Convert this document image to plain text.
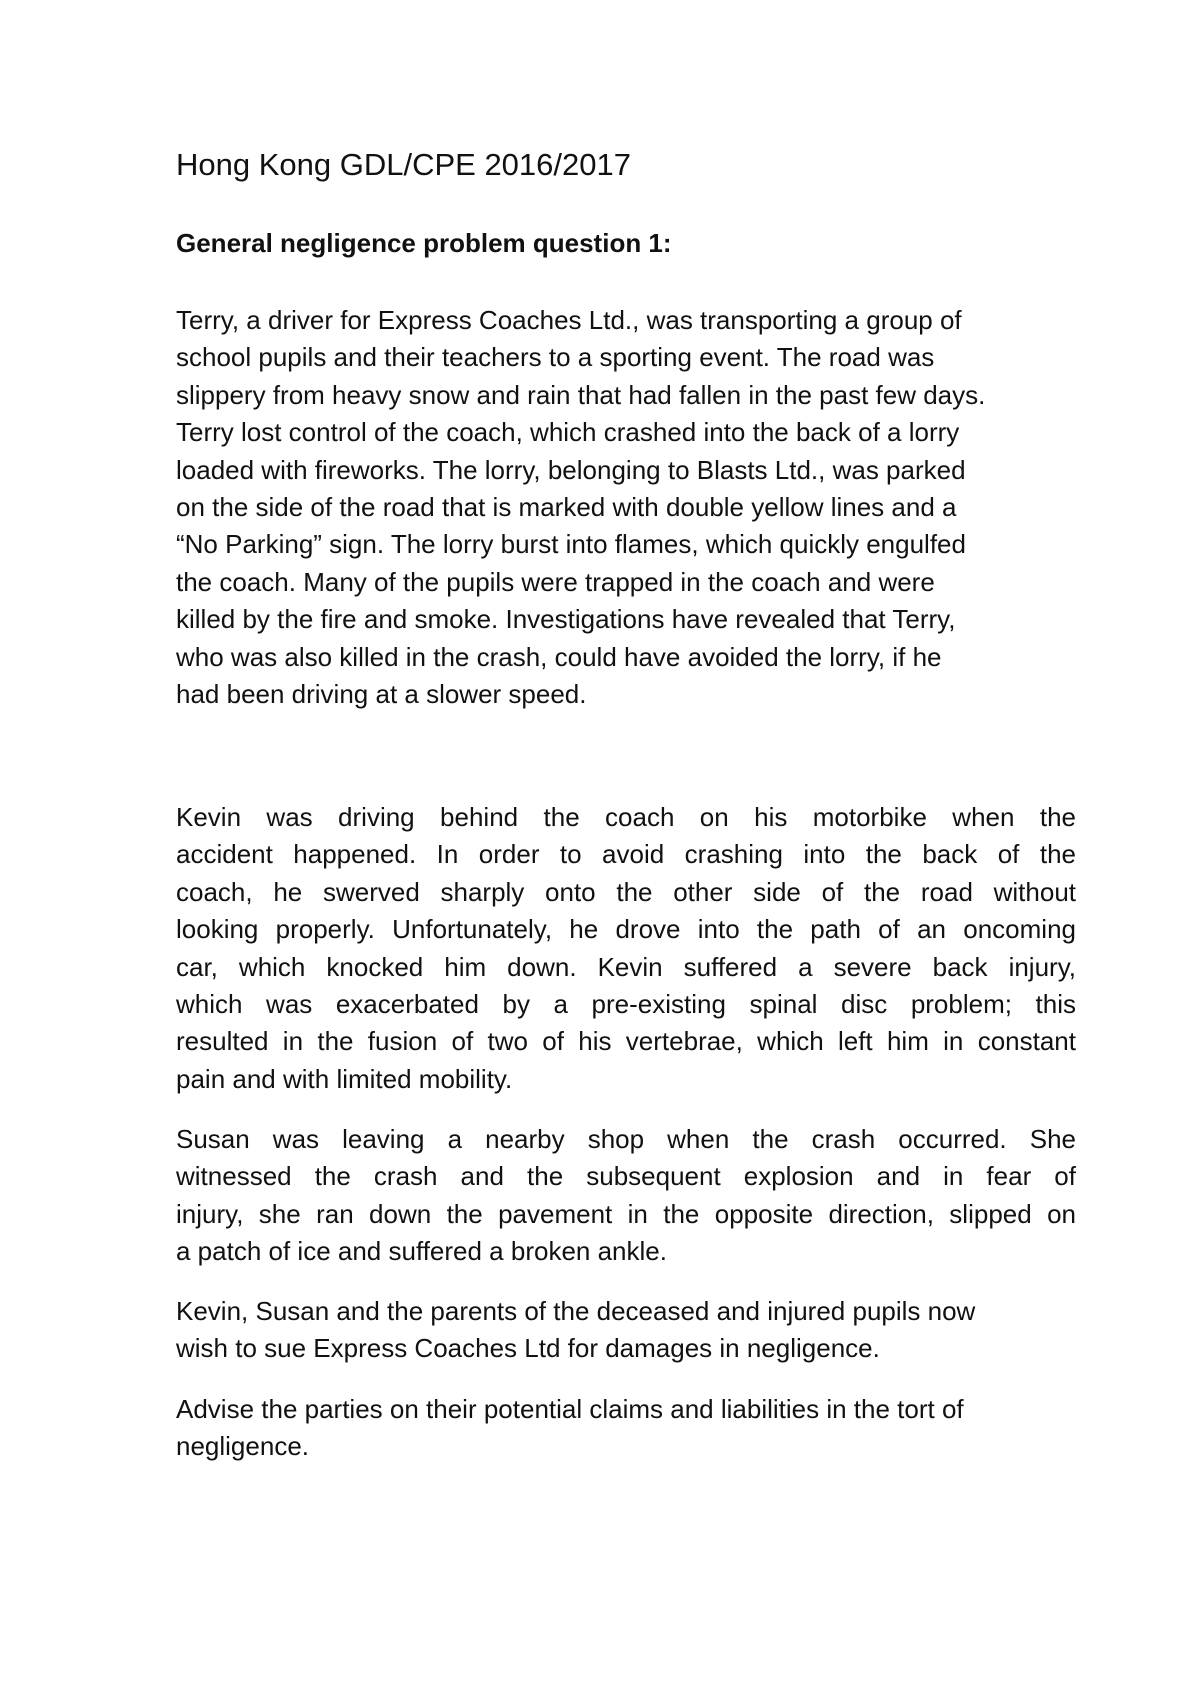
Hong Kong GDL/CPE 2016/2017
General negligence problem question 1:

Terry, a driver for Express Coaches Ltd., was transporting a group of
school pupils and their teachers to a sporting event. The road was
slippery from heavy snow and rain that had fallen in the past few days.
Terry lost control of the coach, which crashed into the back of a lorry
loaded with fireworks. The lorry, belonging to Blasts Ltd., was parked
on the side of the road that is marked with double yellow lines and a
“No Parking” sign. The lorry burst into flames, which quickly engulfed
the coach. Many of the pupils were trapped in the coach and were
killed by the fire and smoke. Investigations have revealed that Terry,
who was also killed in the crash, could have avoided the lorry, if he
had been driving at a slower speed.

Kevin was driving behind the coach on his motorbike when the
accident happened. In order to avoid crashing into the back of the
coach, he swerved sharply onto the other side of the road without
looking properly. Unfortunately, he drove into the path of an oncoming
car, which knocked him down. Kevin suffered a severe back injury,
which was exacerbated by a pre-existing spinal disc problem; this
resulted in the fusion of two of his vertebrae, which left him in constant
pain and with limited mobility.

Susan was leaving a nearby shop when the crash occurred. She
witnessed the crash and the subsequent explosion and in fear of
injury, she ran down the pavement in the opposite direction, slipped on
a patch of ice and suffered a broken ankle.

Kevin, Susan and the parents of the deceased and injured pupils now
wish to sue Express Coaches Ltd for damages in negligence.

Advise the parties on their potential claims and liabilities in the tort of
negligence.
